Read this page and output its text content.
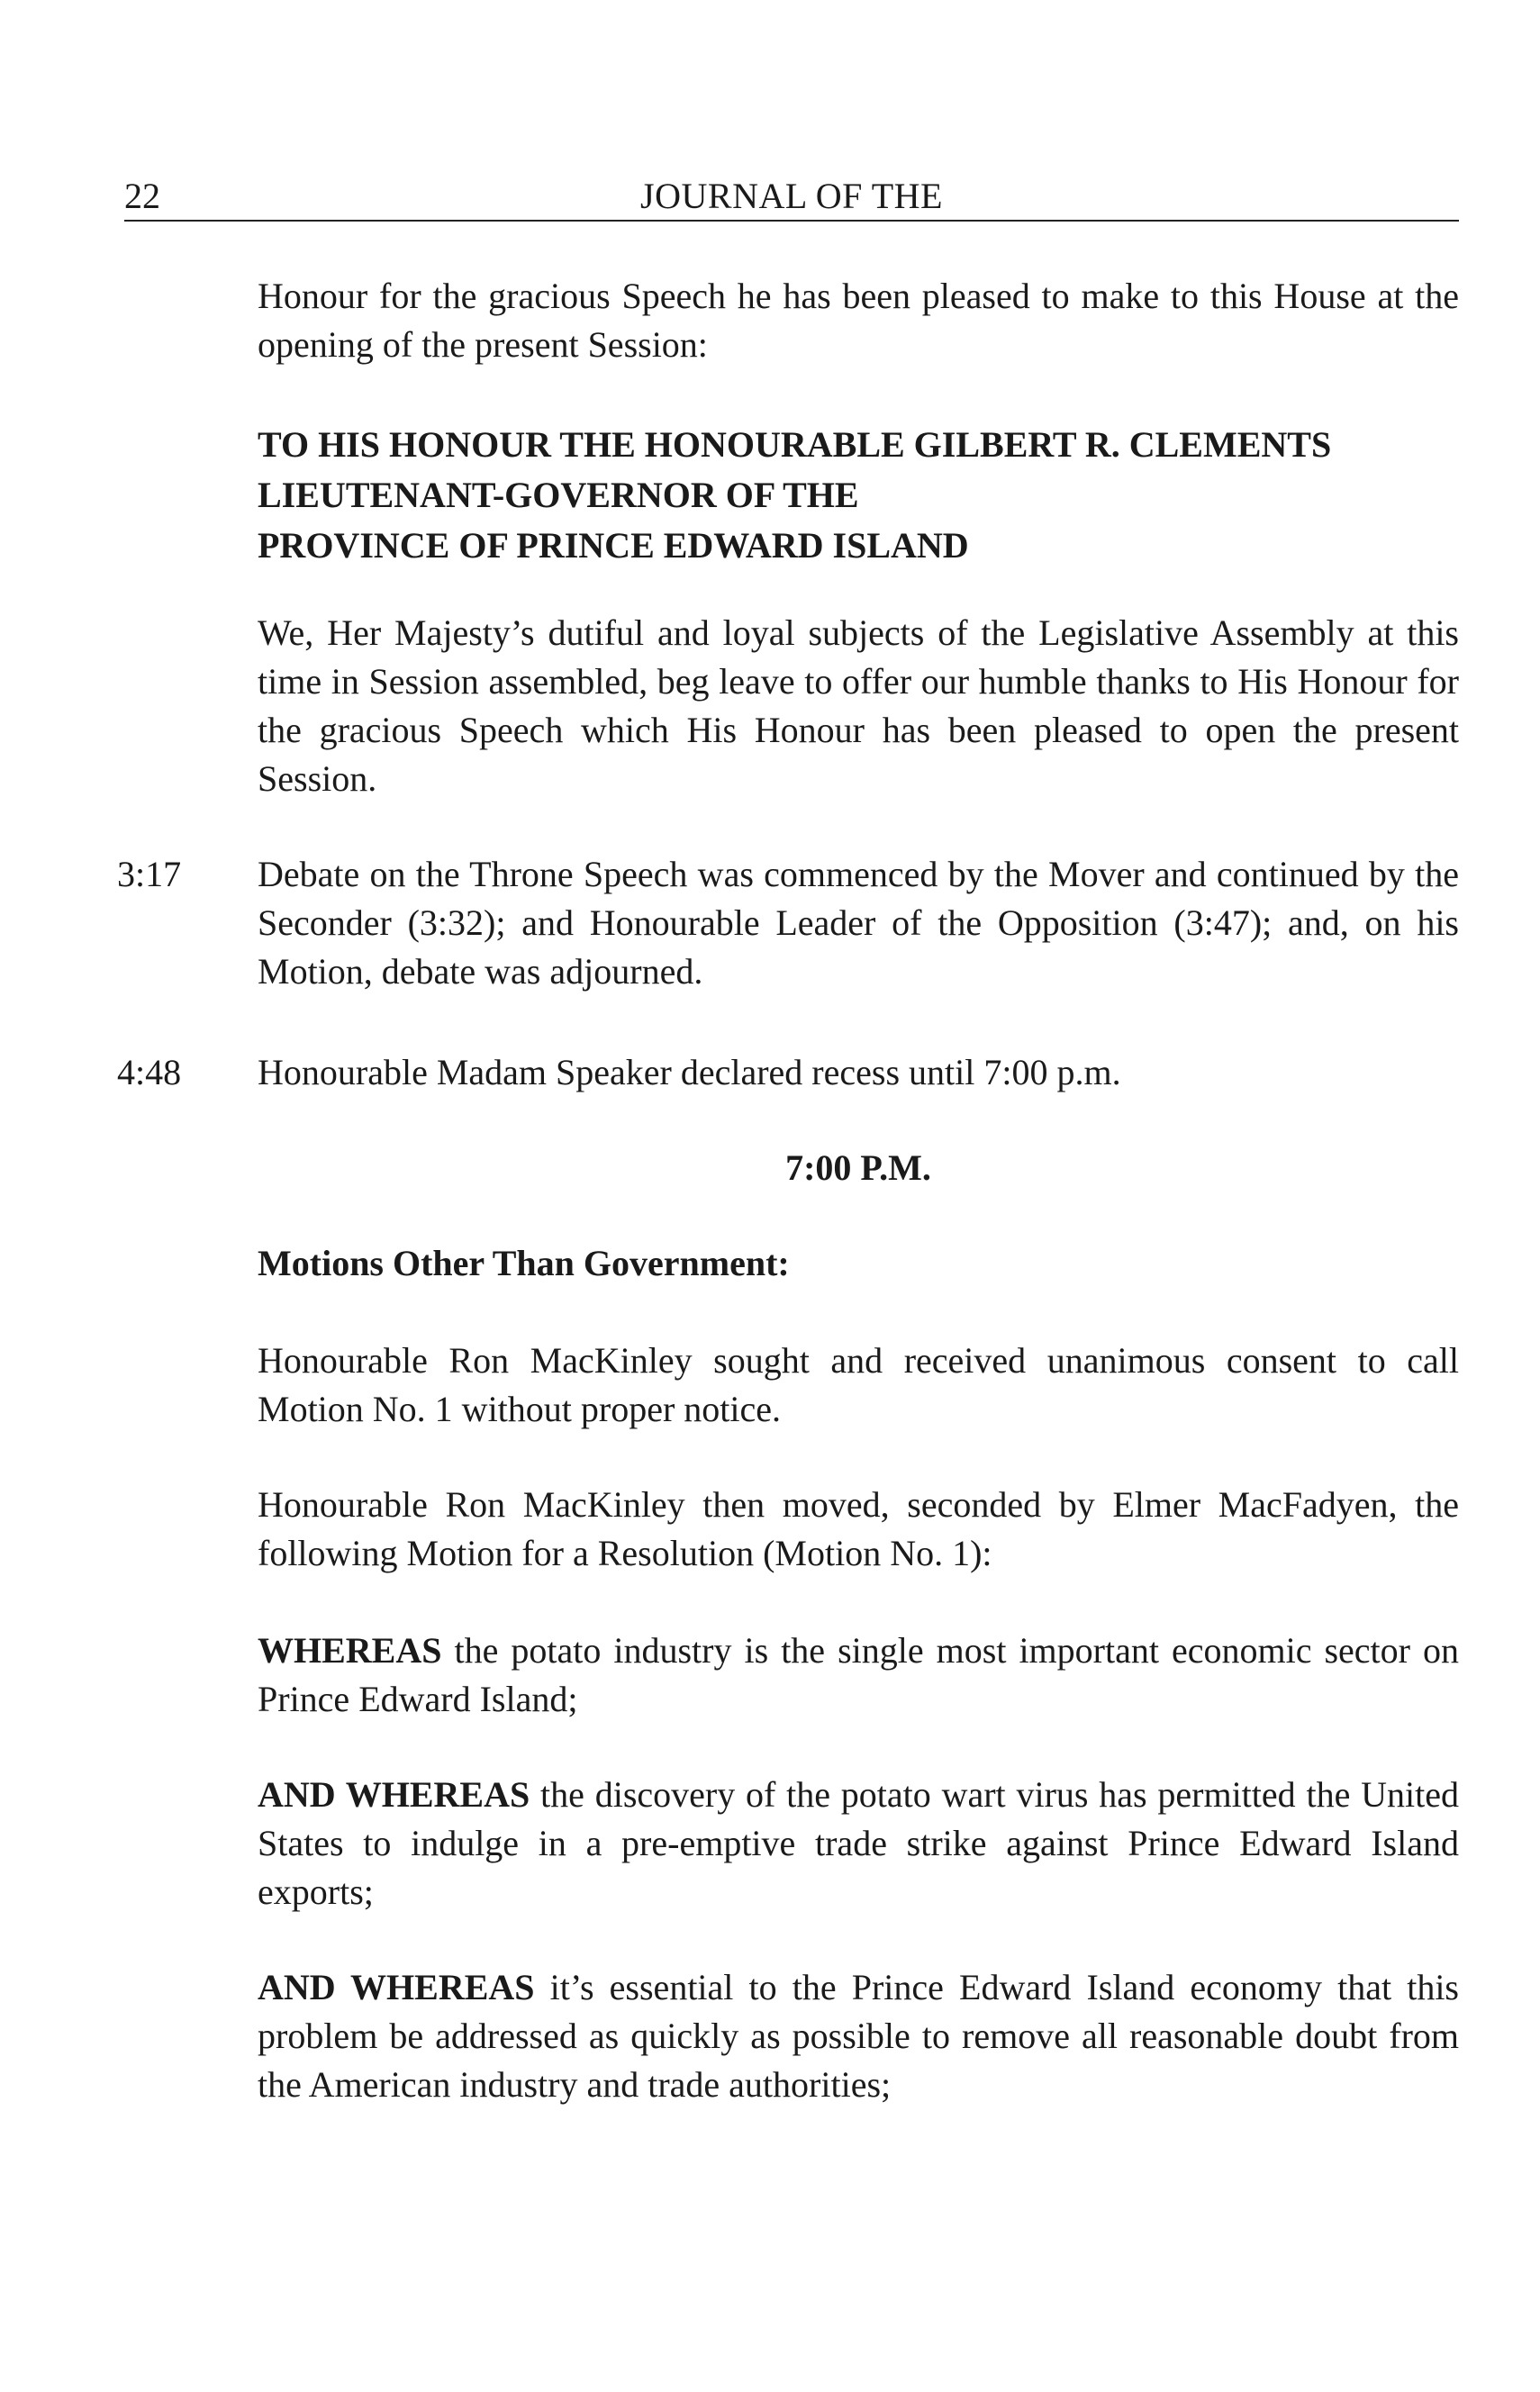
22	JOURNAL OF THE
Honour for the gracious Speech he has been pleased to make to this House at the opening of the present Session:
TO HIS HONOUR THE HONOURABLE GILBERT R. CLEMENTS
LIEUTENANT-GOVERNOR OF THE
PROVINCE OF PRINCE EDWARD ISLAND
We, Her Majesty’s dutiful and loyal subjects of the Legislative Assembly at this time in Session assembled, beg leave to offer our humble thanks to His Honour for the gracious Speech which His Honour has been pleased to open the present Session.
3:17 Debate on the Throne Speech was commenced by the Mover and continued by the Seconder (3:32); and Honourable Leader of the Opposition (3:47); and, on his Motion, debate was adjourned.
4:48 Honourable Madam Speaker declared recess until 7:00 p.m.
7:00 P.M.
Motions Other Than Government:
Honourable Ron MacKinley sought and received unanimous consent to call Motion No. 1 without proper notice.
Honourable Ron MacKinley then moved, seconded by Elmer MacFadyen, the following Motion for a Resolution (Motion No. 1):
WHEREAS the potato industry is the single most important economic sector on Prince Edward Island;
AND WHEREAS the discovery of the potato wart virus has permitted the United States to indulge in a pre-emptive trade strike against Prince Edward Island exports;
AND WHEREAS it’s essential to the Prince Edward Island economy that this problem be addressed as quickly as possible to remove all reasonable doubt from the American industry and trade authorities;
